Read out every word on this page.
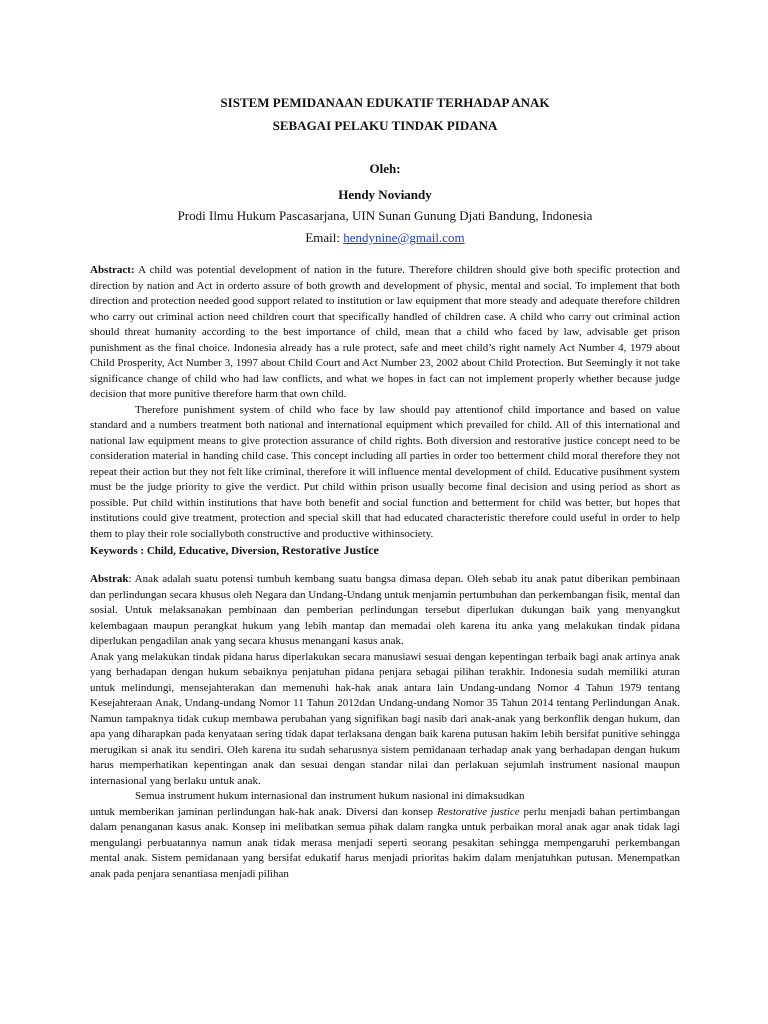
SISTEM PEMIDANAAN EDUKATIF TERHADAP ANAK
SEBAGAI PELAKU TINDAK PIDANA
Oleh:
Hendy Noviandy
Prodi Ilmu Hukum Pascasarjana, UIN Sunan Gunung Djati Bandung, Indonesia
Email: hendynine@gmail.com
Abstract: A child was potential development of nation in the future. Therefore children should give both specific protection and direction by nation and Act in orderto assure of both growth and development of physic, mental and social. To implement that both direction and protection needed good support related to institution or law equipment that more steady and adequate therefore children who carry out criminal action need children court that specifically handled of children case. A child who carry out criminal action should threat humanity according to the best importance of child, mean that a child who faced by law, advisable get prison punishment as the final choice. Indonesia already has a rule protect, safe and meet child’s right namely Act Number 4, 1979 about Child Prosperity, Act Number 3, 1997 about Child Court and Act Number 23, 2002 about Child Protection. But Seemingly it not take significance change of child who had law conflicts, and what we hopes in fact can not implement properly whether because judge decision that more punitive therefore harm that own child.
Therefore punishment system of child who face by law should pay attentionof child importance and based on value standard and a numbers treatment both national and international equipment which prevailed for child. All of this international and national law equipment means to give protection assurance of child rights. Both diversion and restorative justice concept need to be consideration material in handing child case. This concept including all parties in order too betterment child moral therefore they not repeat their action but they not felt like criminal, therefore it will influence mental development of child. Educative pusihment system must be the judge priority to give the verdict. Put child within prison usually become final decision and using period as short as possible. Put child within institutions that have both benefit and social function and betterment for child was better, but hopes that institutions could give treatment, protection and special skill that had educated characteristic therefore could useful in order to help them to play their role sociallyboth constructive and productive withinsociety.
Keywords : Child, Educative, Diversion, Restorative Justice
Abstrak: Anak adalah suatu potensi tumbuh kembang suatu bangsa dimasa depan. Oleh sebab itu anak patut diberikan pembinaan dan perlindungan secara khusus oleh Negara dan Undang-Undang untuk menjamin pertumbuhan dan perkembangan fisik, mental dan sosial. Untuk melaksanakan pembinaan dan pemberian perlindungan tersebut diperlukan dukungan baik yang menyangkut kelembagaan maupun perangkat hukum yang lebih mantap dan memadai oleh karena itu anka yang melakukan tindak pidana diperlukan pengadilan anak yang secara khusus menangani kasus anak.
Anak yang melakukan tindak pidana harus diperlakukan secara manusiawi sesuai dengan kepentingan terbaik bagi anak artinya anak yang berhadapan dengan hukum sebaiknya penjatuhan pidana penjara sebagai pilihan terakhir. Indonesia sudah memiliki aturan untuk melindungi, mensejahterakan dan memenuhi hak-hak anak antara lain Undang-undang Nomor 4 Tahun 1979 tentang Kesejahteraan Anak, Undang-undang Nomor 11 Tahun 2012dan Undang-undang Nomor 35 Tahun 2014 tentang Perlindungan Anak. Namun tampaknya tidak cukup membawa perubahan yang signifikan bagi nasib dari anak-anak yang berkonflik dengan hukum, dan apa yang diharapkan pada kenyataan sering tidak dapat terlaksana dengan baik karena putusan hakim lebih bersifat punitive sehingga merugikan si anak itu sendiri. Oleh karena itu sudah seharusnya sistem pemidanaan terhadap anak yang berhadapan dengan hukum harus memperhatikan kepentingan anak dan sesuai dengan standar nilai dan perlakuan sejumlah instrument nasional maupun internasional yang berlaku untuk anak.
Semua instrument hukum internasional dan instrument hukum nasional ini dimaksudkan
untuk memberikan jaminan perlindungan hak-hak anak. Diversi dan konsep Restorative justice perlu menjadi bahan pertimbangan dalam penanganan kasus anak. Konsep ini melibatkan semua pihak dalam rangka untuk perbaikan moral anak agar anak tidak lagi mengulangi perbuatannya namun anak tidak merasa menjadi seperti seorang pesakitan sehingga mempengaruhi perkembangan mental anak. Sistem pemidanaan yang bersifat edukatif harus menjadi prioritas hakim dalam menjatuhkan putusan. Menempatkan anak pada penjara senantiasa menjadi pilihan
